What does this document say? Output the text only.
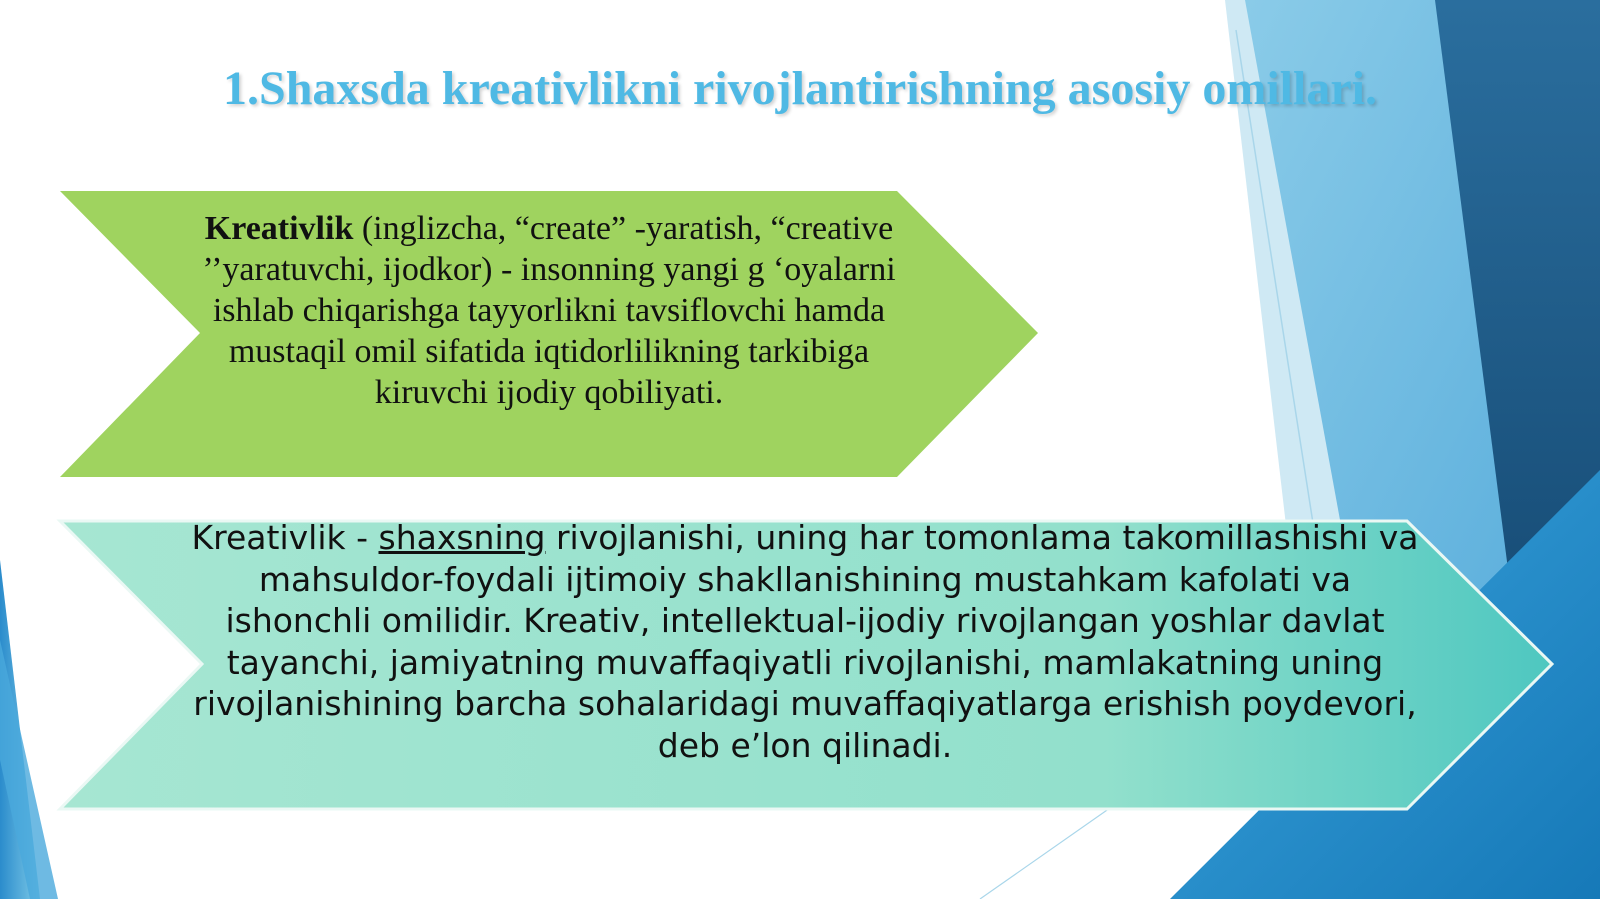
1.Shaxsda kreativlikni rivojlantirishning asosiy omillari.

Kreativlik (inglizcha, “create” -yaratish, “creative ’’yaratuvchi, ijodkor) - insonning yangi g ‘oyalarni ishlab chiqarishga tayyorlikni tavsiflovchi hamda mustaqil omil sifatida iqtidorlilikning tarkibiga kiruvchi ijodiy qobiliyati.

Kreativlik - shaxsning rivojlanishi, uning har tomonlama takomillashishi va mahsuldor-foydali ijtimoiy shakllanishining mustahkam kafolati va ishonchli omilidir. Kreativ, intellektual-ijodiy rivojlangan yoshlar davlat tayanchi, jamiyatning muvaffaqiyatli rivojlanishi, mamlakatning uning rivojlanishining barcha sohalaridagi muvaffaqiyatlarga erishish poydevori, deb e’lon qilinadi.
